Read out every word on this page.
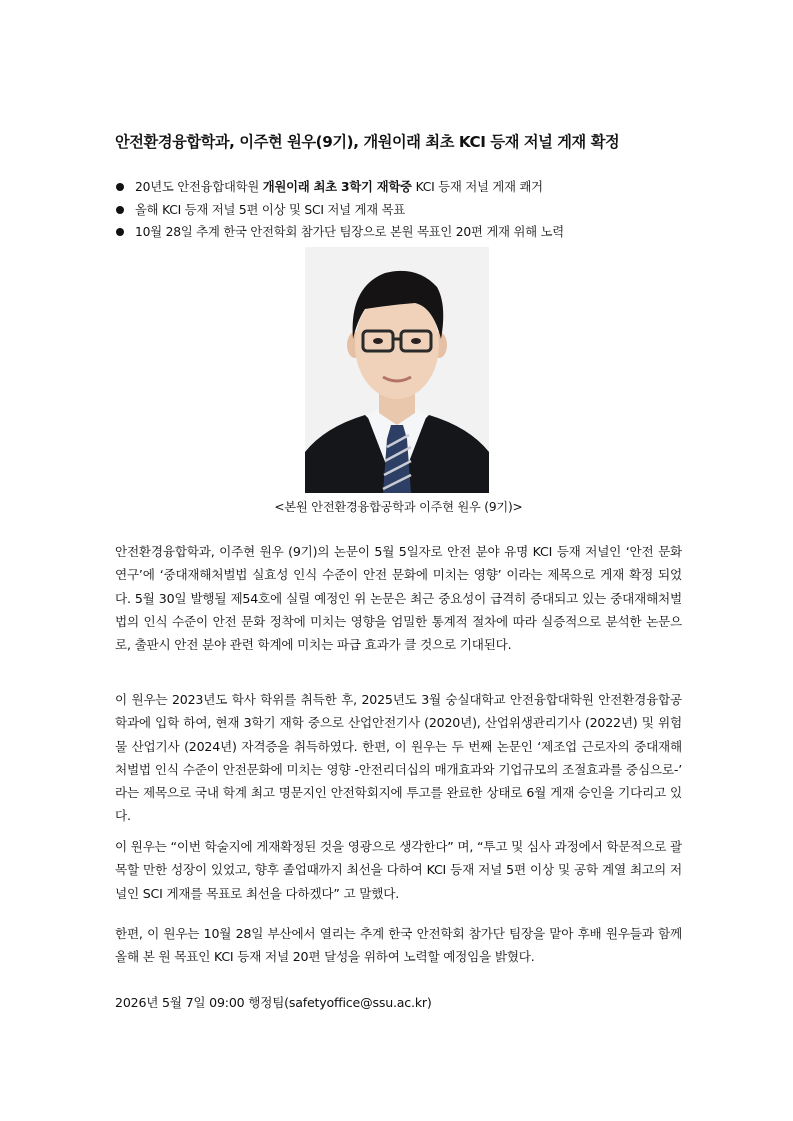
안전환경융합학과, 이주현 원우(9기), 개원이래 최초 KCI 등재 저널 게재 확정
20년도 안전융합대학원 개원이래 최초 3학기 재학중 KCI 등재 저널 게재 쾌거
올해 KCI 등재 저널 5편 이상 및 SCI 저널 게재 목표
10월 28일 추계 한국 안전학회 참가단 팀장으로 본원 목표인 20편 게재 위해 노력
<본원 안전환경융합공학과 이주현 원우 (9기)>

안전환경융합학과, 이주현 원우 (9기)의 논문이 5월 5일자로 안전 분야 유명 KCI 등재 저널인 ‘안전 문화 연구’에 ‘중대재해처벌법 실효성 인식 수준이 안전 문화에 미치는 영향’ 이라는 제목으로 게재 확정 되었다. 5월 30일 발행될 제54호에 실릴 예정인 위 논문은 최근 중요성이 급격히 증대되고 있는 중대재해처벌법의 인식 수준이 안전 문화 정착에 미치는 영향을 엄밀한 통계적 절차에 따라 실증적으로 분석한 논문으로, 출판시 안전 분야 관련 학계에 미치는 파급 효과가 클 것으로 기대된다.

이 원우는 2023년도 학사 학위를 취득한 후, 2025년도 3월 숭실대학교 안전융합대학원 안전환경융합공학과에 입학 하여, 현재 3학기 재학 중으로 산업안전기사 (2020년), 산업위생관리기사 (2022년) 및 위험물 산업기사 (2024년) 자격증을 취득하였다. 한편, 이 원우는 두 번째 논문인 ‘제조업 근로자의 중대재해처벌법 인식 수준이 안전문화에 미치는 영향 -안전리더십의 매개효과와 기업규모의 조절효과를 중심으로-’ 라는 제목으로 국내 학계 최고 명문지인 안전학회지에 투고를 완료한 상태로 6월 게재 승인을 기다리고 있다.

이 원우는 “이번 학술지에 게재확정된 것을 영광으로 생각한다” 며, “투고 및 심사 과정에서 학문적으로 괄목할 만한 성장이 있었고, 향후 졸업때까지 최선을 다하여 KCI 등재 저널 5편 이상 및 공학 계열 최고의 저널인 SCI 게재를 목표로 최선을 다하겠다” 고 말했다.

한편, 이 원우는 10월 28일 부산에서 열리는 추계 한국 안전학회 참가단 팀장을 맡아 후배 원우들과 함께 올해 본 원 목표인 KCI 등재 저널 20편 달성을 위하여 노력할 예정임을 밝혔다.

2026년 5월 7일 09:00 행정팀(safetyoffice@ssu.ac.kr)
